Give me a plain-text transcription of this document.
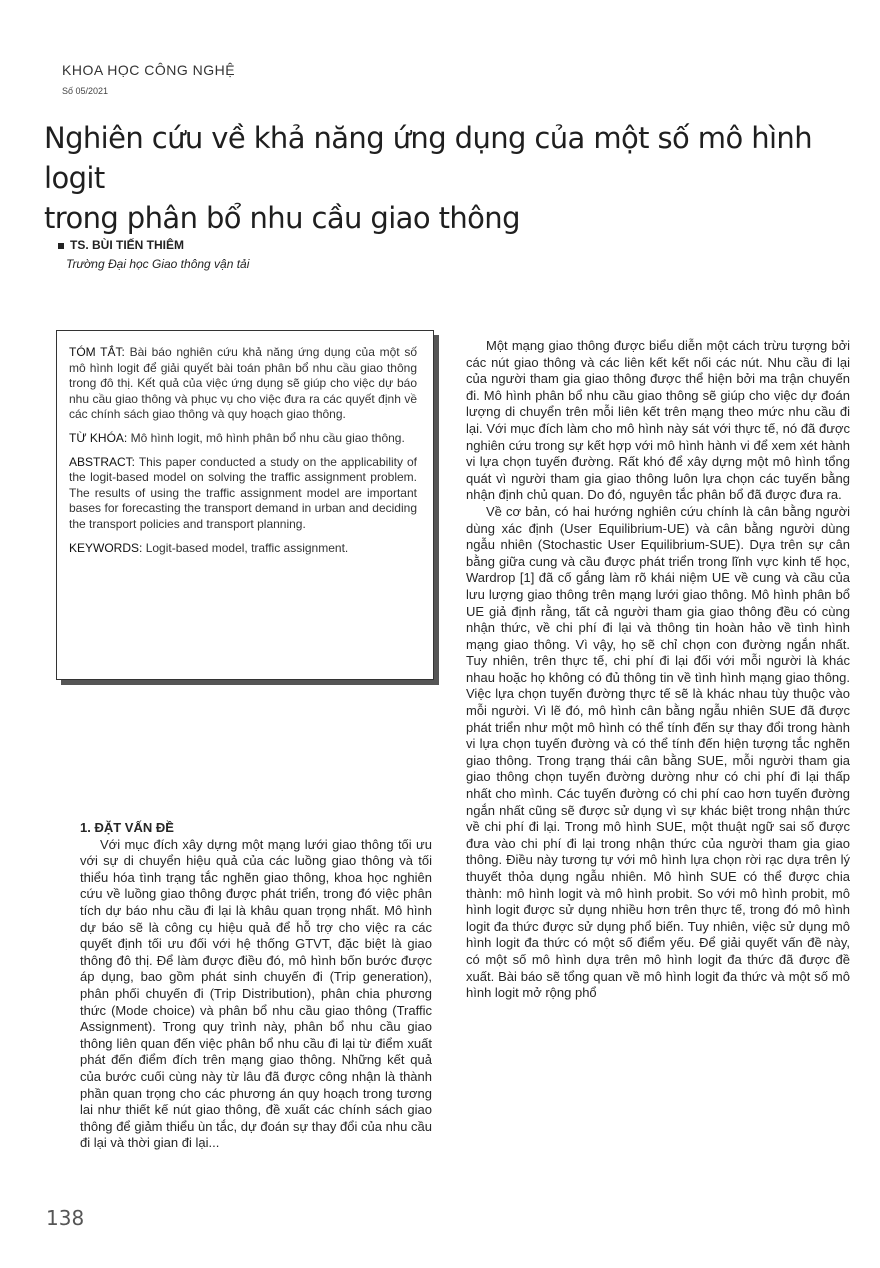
KHOA HỌC CÔNG NGHỆ
Số 05/2021
Nghiên cứu về khả năng ứng dụng của một số mô hình logit
trong phân bổ nhu cầu giao thông
TS. BÙI TIẾN THIÊM
Trường Đại học Giao thông vận tải

TÓM TẮT: Bài báo nghiên cứu khả năng ứng dụng của một số mô hình logit để giải quyết bài toán phân bổ nhu cầu giao thông trong đô thị. Kết quả của việc ứng dụng sẽ giúp cho việc dự báo nhu cầu giao thông và phục vụ cho việc đưa ra các quyết định về các chính sách giao thông và quy hoạch giao thông.

TỪ KHÓA: Mô hình logit, mô hình phân bổ nhu cầu giao thông.

ABSTRACT: This paper conducted a study on the applicability of the logit-based model on solving the traffic assignment problem. The results of using the traffic assignment model are important bases for forecasting the transport demand in urban and deciding the transport policies and transport planning.

KEYWORDS: Logit-based model, traffic assignment.

1. ĐẶT VẤN ĐỀ

Với mục đích xây dựng một mạng lưới giao thông tối ưu với sự di chuyển hiệu quả của các luồng giao thông và tối thiểu hóa tình trạng tắc nghẽn giao thông, khoa học nghiên cứu về luồng giao thông được phát triển, trong đó việc phân tích dự báo nhu cầu đi lại là khâu quan trọng nhất. Mô hình dự báo sẽ là công cụ hiệu quả để hỗ trợ cho việc ra các quyết định tối ưu đối với hệ thống GTVT, đặc biệt là giao thông đô thị. Để làm được điều đó, mô hình bốn bước được áp dụng, bao gồm phát sinh chuyến đi (Trip generation), phân phối chuyến đi (Trip Distribution), phân chia phương thức (Mode choice) và phân bổ nhu cầu giao thông (Traffic Assignment). Trong quy trình này, phân bổ nhu cầu giao thông liên quan đến việc phân bổ nhu cầu đi lại từ điểm xuất phát đến điểm đích trên mạng giao thông. Những kết quả của bước cuối cùng này từ lâu đã được công nhận là thành phần quan trọng cho các phương án quy hoạch trong tương lai như thiết kế nút giao thông, đề xuất các chính sách giao thông để giảm thiểu ùn tắc, dự đoán sự thay đổi của nhu cầu đi lại và thời gian đi lại...

Một mạng giao thông được biểu diễn một cách trừu tượng bởi các nút giao thông và các liên kết kết nối các nút. Nhu cầu đi lại của người tham gia giao thông được thể hiện bởi ma trận chuyến đi. Mô hình phân bổ nhu cầu giao thông sẽ giúp cho việc dự đoán lượng di chuyển trên mỗi liên kết trên mạng theo mức nhu cầu đi lại. Với mục đích làm cho mô hình này sát với thực tế, nó đã được nghiên cứu trong sự kết hợp với mô hình hành vi để xem xét hành vi lựa chọn tuyến đường. Rất khó để xây dựng một mô hình tổng quát vì người tham gia giao thông luôn lựa chọn các tuyến bằng nhận định chủ quan. Do đó, nguyên tắc phân bổ đã được đưa ra.

Về cơ bản, có hai hướng nghiên cứu chính là cân bằng người dùng xác định (User Equilibrium-UE) và cân bằng người dùng ngẫu nhiên (Stochastic User Equilibrium-SUE). Dựa trên sự cân bằng giữa cung và cầu được phát triển trong lĩnh vực kinh tế học, Wardrop [1] đã cố gắng làm rõ khái niệm UE về cung và cầu của lưu lượng giao thông trên mạng lưới giao thông. Mô hình phân bổ UE giả định rằng, tất cả người tham gia giao thông đều có cùng nhận thức, về chi phí đi lại và thông tin hoàn hảo về tình hình mạng giao thông. Vì vậy, họ sẽ chỉ chọn con đường ngắn nhất. Tuy nhiên, trên thực tế, chi phí đi lại đối với mỗi người là khác nhau hoặc họ không có đủ thông tin về tình hình mạng giao thông. Việc lựa chọn tuyến đường thực tế sẽ là khác nhau tùy thuộc vào mỗi người. Vì lẽ đó, mô hình cân bằng ngẫu nhiên SUE đã được phát triển như một mô hình có thể tính đến sự thay đổi trong hành vi lựa chọn tuyến đường và có thể tính đến hiện tượng tắc nghẽn giao thông. Trong trạng thái cân bằng SUE, mỗi người tham gia giao thông chọn tuyến đường dường như có chi phí đi lại thấp nhất cho mình. Các tuyến đường có chi phí cao hơn tuyến đường ngắn nhất cũng sẽ được sử dụng vì sự khác biệt trong nhận thức về chi phí đi lại. Trong mô hình SUE, một thuật ngữ sai số được đưa vào chi phí đi lại trong nhận thức của người tham gia giao thông. Điều này tương tự với mô hình lựa chọn rời rạc dựa trên lý thuyết thỏa dụng ngẫu nhiên. Mô hình SUE có thể được chia thành: mô hình logit và mô hình probit. So với mô hình probit, mô hình logit được sử dụng nhiều hơn trên thực tế, trong đó mô hình logit đa thức được sử dụng phổ biến. Tuy nhiên, việc sử dụng mô hình logit đa thức có một số điểm yếu. Để giải quyết vấn đề này, có một số mô hình dựa trên mô hình logit đa thức đã được đề xuất. Bài báo sẽ tổng quan về mô hình logit đa thức và một số mô hình logit mở rộng phổ

138
